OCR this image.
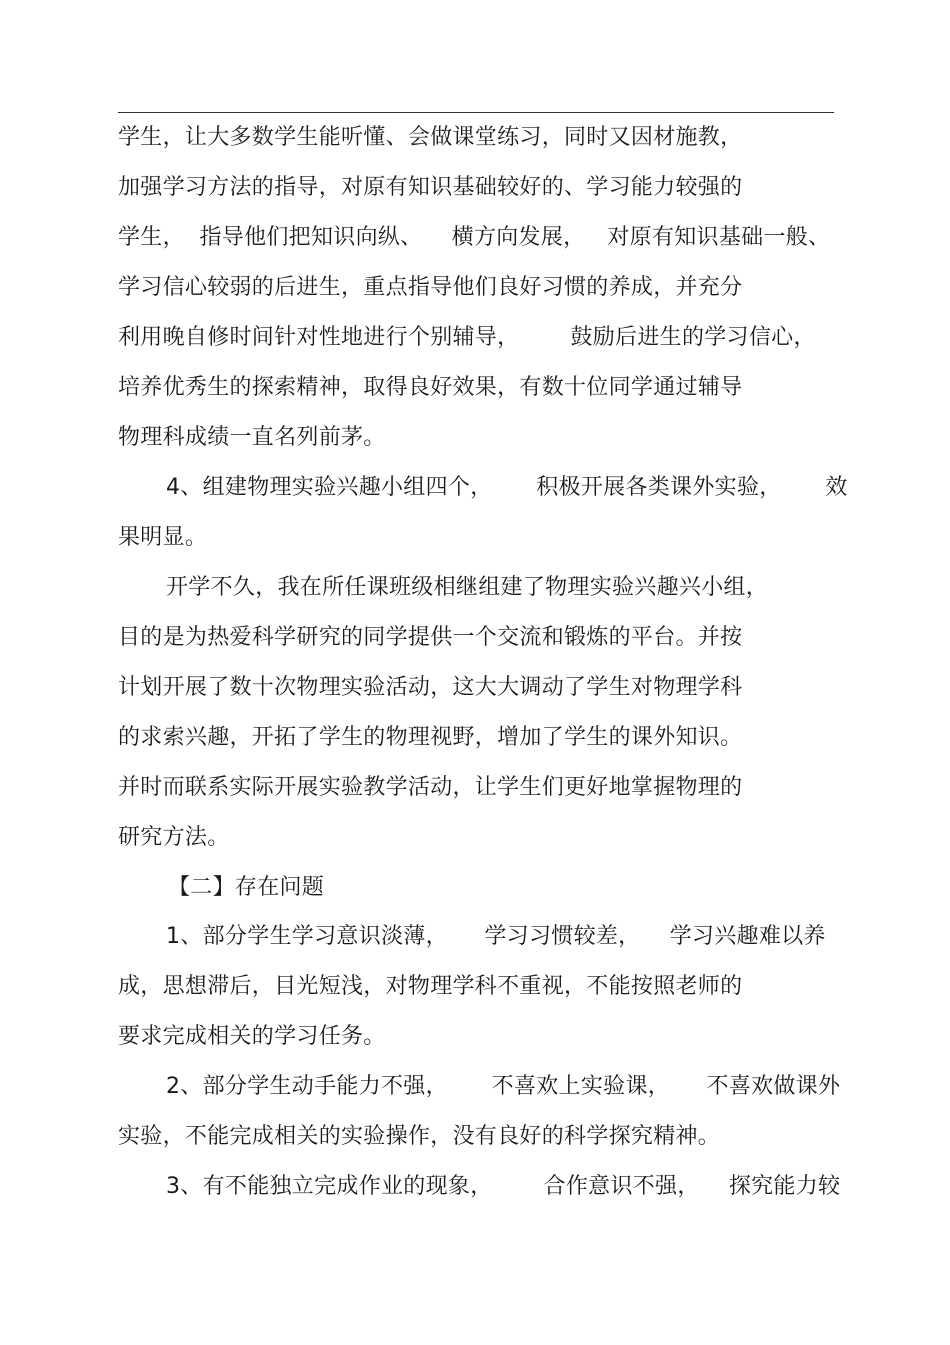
学生，让大多数学生能听懂、会做课堂练习，同时又因材施教，
加强学习方法的指导，对原有知识基础较好的、学习能力较强的
学生，  指导他们把知识向纵、    横方向发展，   对原有知识基础一般、
学习信心较弱的后进生，重点指导他们良好习惯的养成，并充分
利用晚自修时间针对性地进行个别辅导，       鼓励后进生的学习信心，
培养优秀生的探索精神，取得良好效果，有数十位同学通过辅导
物理科成绩一直名列前茅。
4、组建物理实验兴趣小组四个，      积极开展各类课外实验，      效
果明显。
开学不久，我在所任课班级相继组建了物理实验兴趣兴小组，
目的是为热爱科学研究的同学提供一个交流和锻炼的平台。并按
计划开展了数十次物理实验活动，这大大调动了学生对物理学科
的求索兴趣，开拓了学生的物理视野，增加了学生的课外知识。
并时而联系实际开展实验教学活动，让学生们更好地掌握物理的
研究方法。
【二】存在问题
1、部分学生学习意识淡薄，     学习习惯较差，    学习兴趣难以养
成，思想滞后，目光短浅，对物理学科不重视，不能按照老师的
要求完成相关的学习任务。
2、部分学生动手能力不强，      不喜欢上实验课，     不喜欢做课外
实验，不能完成相关的实验操作，没有良好的科学探究精神。
3、有不能独立完成作业的现象，       合作意识不强，    探究能力较
